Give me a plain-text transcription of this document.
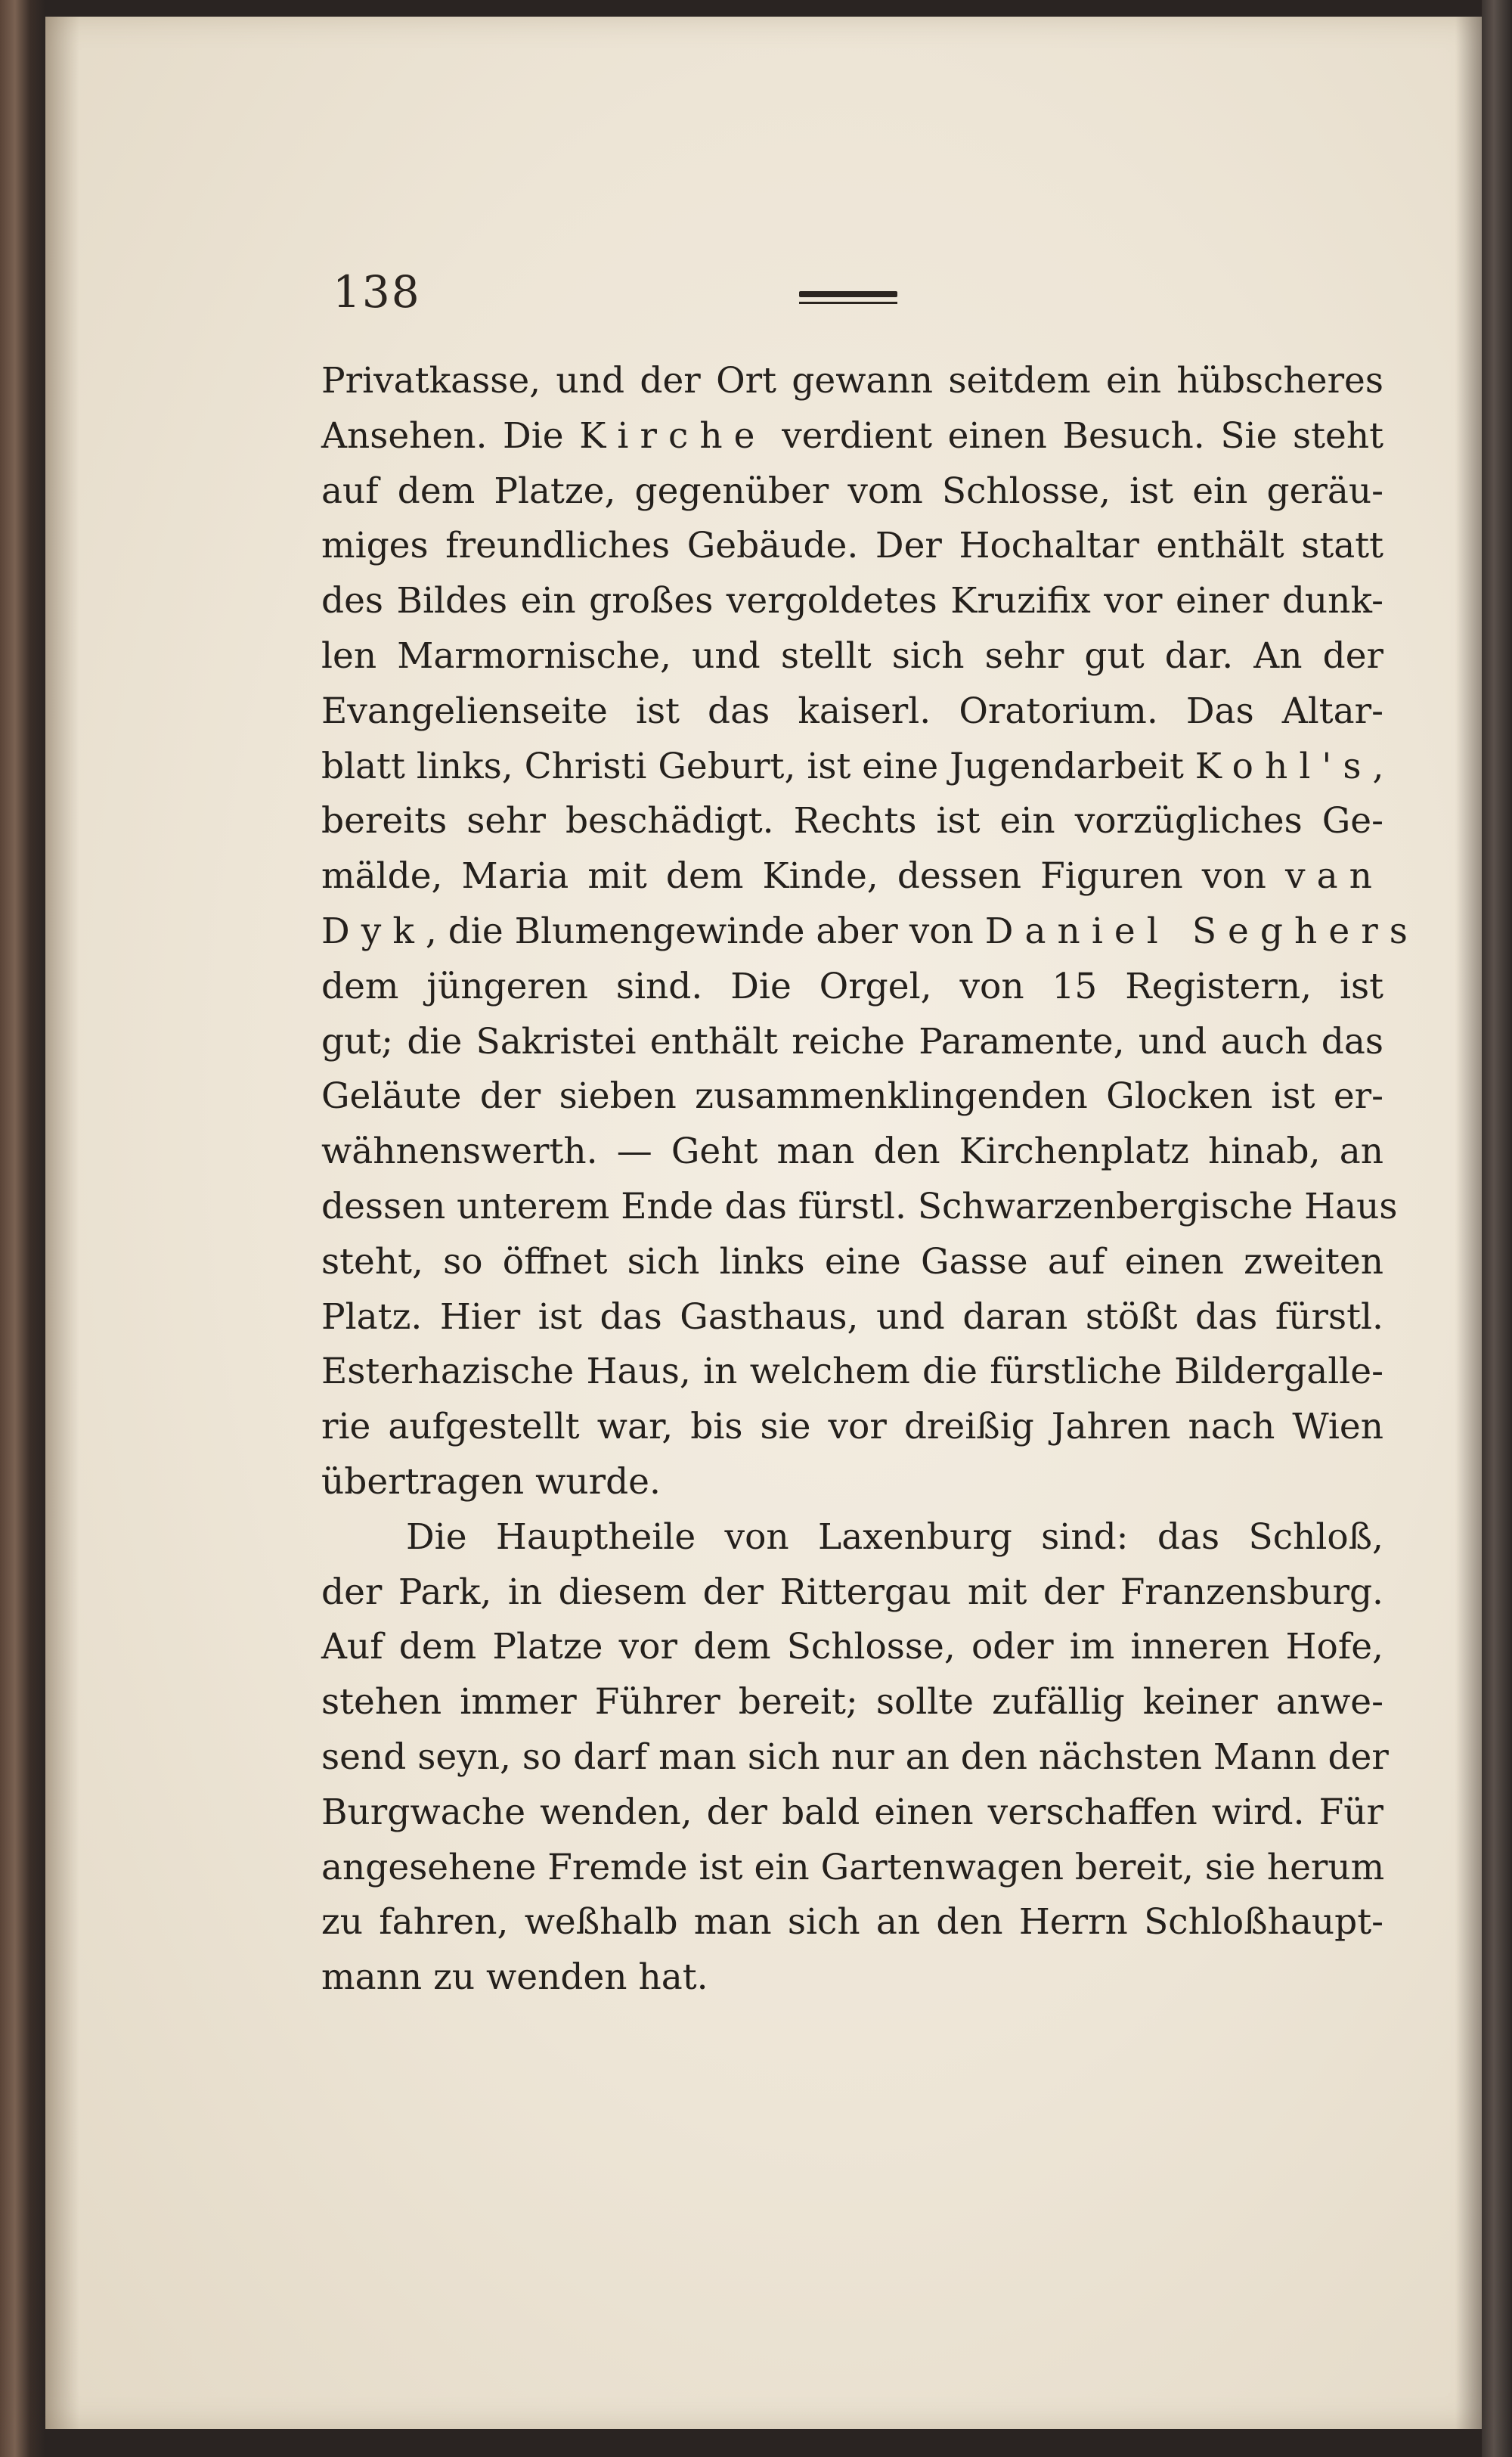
138
Privatkasse, und der Ort gewann seitdem ein hübscheres
Ansehen. Die Kirche verdient einen Besuch. Sie steht
auf dem Platze, gegenüber vom Schlosse, ist ein geräu-
miges freundliches Gebäude. Der Hochaltar enthält statt
des Bildes ein großes vergoldetes Kruzifix vor einer dunk-
len Marmornische, und stellt sich sehr gut dar. An der
Evangelienseite ist das kaiserl. Oratorium. Das Altar-
blatt links, Christi Geburt, ist eine Jugendarbeit Kohl's,
bereits sehr beschädigt. Rechts ist ein vorzügliches Ge-
mälde, Maria mit dem Kinde, dessen Figuren von van
Dyk, die Blumengewinde aber von Daniel Seghers
dem jüngeren sind. Die Orgel, von 15 Registern, ist
gut; die Sakristei enthält reiche Paramente, und auch das
Geläute der sieben zusammenklingenden Glocken ist er-
wähnenswerth. — Geht man den Kirchenplatz hinab, an
dessen unterem Ende das fürstl. Schwarzenbergische Haus
steht, so öffnet sich links eine Gasse auf einen zweiten
Platz. Hier ist das Gasthaus, und daran stößt das fürstl.
Esterhazische Haus, in welchem die fürstliche Bildergalle-
rie aufgestellt war, bis sie vor dreißig Jahren nach Wien
übertragen wurde.
Die Hauptheile von Laxenburg sind: das Schloß,
der Park, in diesem der Rittergau mit der Franzensburg.
Auf dem Platze vor dem Schlosse, oder im inneren Hofe,
stehen immer Führer bereit; sollte zufällig keiner anwe-
send seyn, so darf man sich nur an den nächsten Mann der
Burgwache wenden, der bald einen verschaffen wird. Für
angesehene Fremde ist ein Gartenwagen bereit, sie herum
zu fahren, weßhalb man sich an den Herrn Schloßhaupt-
mann zu wenden hat.
